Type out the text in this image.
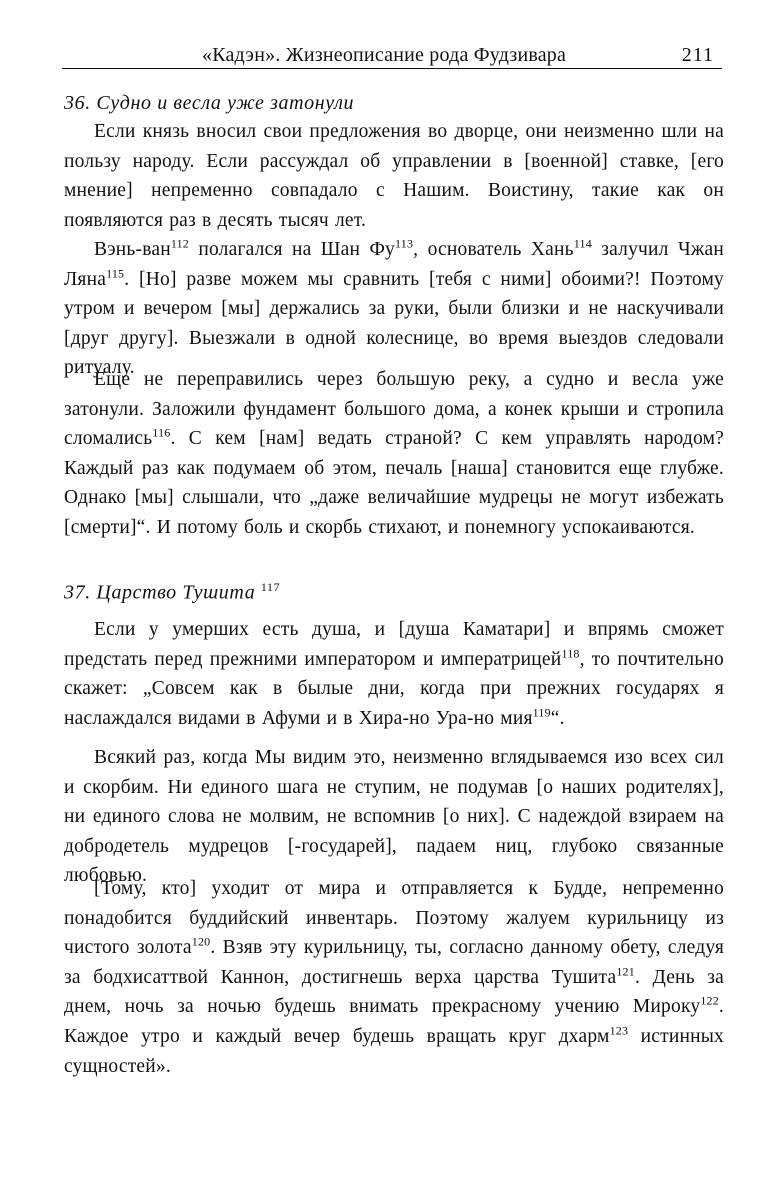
«Кадэн». Жизнеописание рода Фудзивара	211
36. Судно и весла уже затонули

Если князь вносил свои предложения во дворце, они неизменно шли на пользу народу. Если рассуждал об управлении в [военной] ставке, [его мнение] непременно совпадало с Нашим. Воистину, такие как он появляются раз в десять тысяч лет.

Вэнь-ван$^{112}$ полагался на Шан $Фу^{113}$, основатель Хань$^{114}$ залучил Чжан Ляна$^{115}$. [Но] разве можем мы сравнить [тебя с ними] обоими?! Поэтому утром и вечером [мы] держались за руки, были близки и не наскучивали [друг другу]. Выезжали в одной колеснице, во время выездов следовали ритуалу.

Еще не переправились через большую реку, а судно и весла уже затонули. Заложили фундамент большого дома, а конек крыши и стропила сломались$^{116}$. С кем [нам] ведать страной? С кем управлять народом? Каждый раз как подумаем об этом, печаль [наша] становится еще глубже. Однако [мы] слышали, что „даже величайшие мудрецы не могут избежать [смерти]“. И потому боль и скорбь стихают, и понемногу успокаиваются.

37. Царство Тушита $^{117}$

Если у умерших есть душа, и [душа Каматари] и впрямь сможет предстать перед прежними императором и императрицей$^{118}$, то почтительно скажет: „Совсем как в былые дни, когда при прежних государях я наслаждался видами в Афуми и в Хира-но Ура-но мия$^{119}$“.

Всякий раз, когда Мы видим это, неизменно вглядываемся изо всех сил и скорбим. Ни единого шага не ступим, не подумав [о наших родителях], ни единого слова не молвим, не вспомнив [о них]. С надеждой взираем на добродетель мудрецов [-государей], падаем ниц, глубоко связанные любовью.

[Тому, кто] уходит от мира и отправляется к Будде, непременно понадобится буддийский инвентарь. Поэтому жалуем курильницу из чистого золота$^{120}$. Взяв эту курильницу, ты, согласно данному обету, следуя за бодхисаттвой Каннон, достигнешь верха царства Тушита$^{121}$. День за днем, ночь за ночью будешь внимать прекрасному учению Мироку$^{122}$. Каждое утро и каждый вечер будешь вращать круг дхарм$^{123}$ истинных сущностей».
